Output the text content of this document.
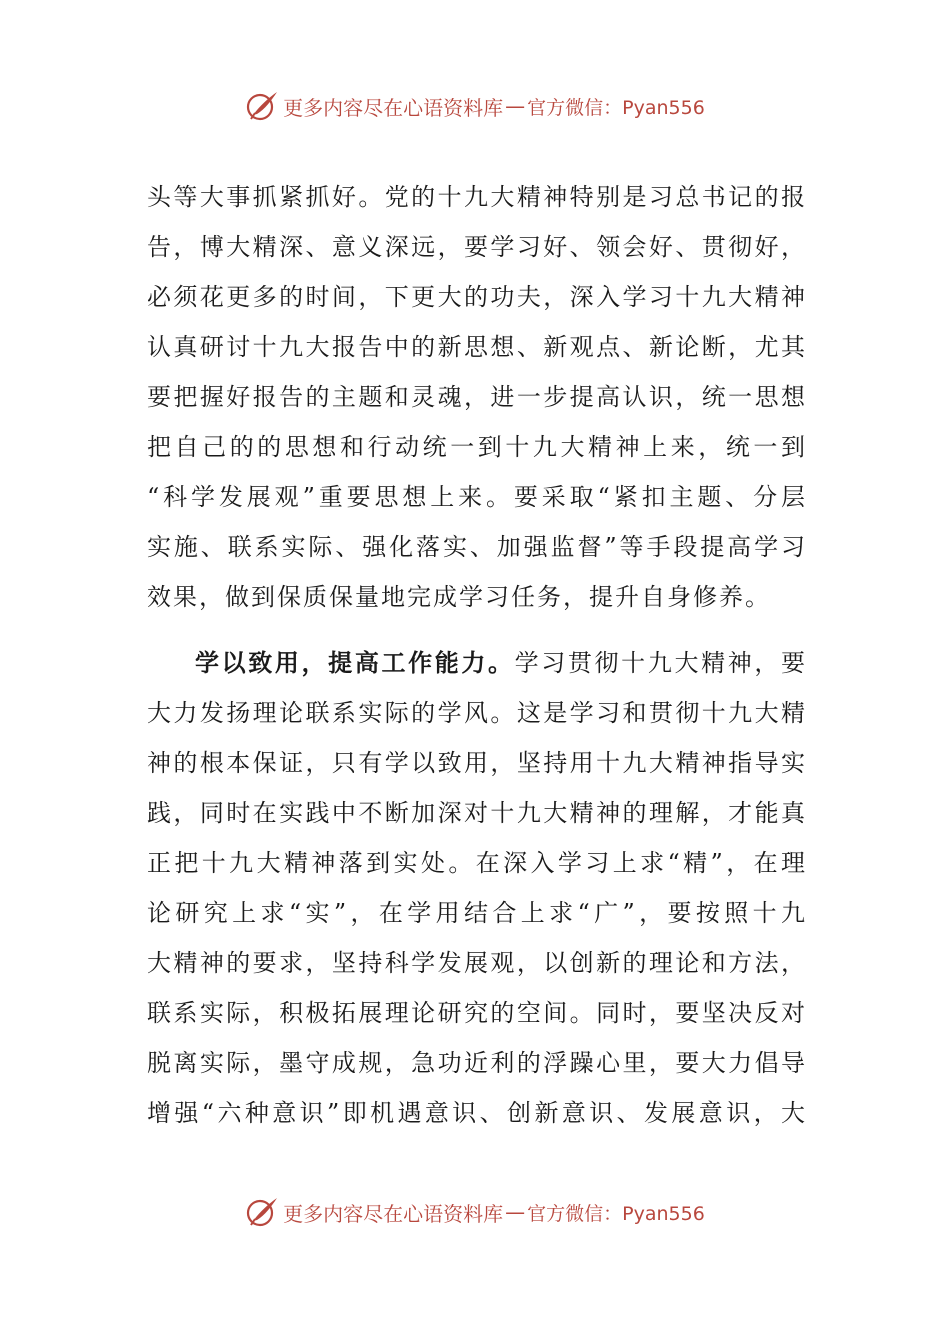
更多内容尽在心语资料库 — 官方微信：Pyan556
头等大事抓紧抓好。党的十九大精神特别是习总书记的报
告，博大精深、意义深远，要学习好、领会好、贯彻好，
必须花更多的时间，下更大的功夫，深入学习十九大精神
认真研讨十九大报告中的新思想、新观点、新论断，尤其
要把握好报告的主题和灵魂，进一步提高认识，统一思想
把自己的的思想和行动统一到十九大精神上来，统一到
“科学发展观”重要思想上来。要采取“紧扣主题、分层
实施、联系实际、强化落实、加强监督”等手段提高学习
效果，做到保质保量地完成学习任务，提升自身修养。
学以致用，提高工作能力。学习贯彻十九大精神，要
大力发扬理论联系实际的学风。这是学习和贯彻十九大精
神的根本保证，只有学以致用，坚持用十九大精神指导实
践，同时在实践中不断加深对十九大精神的理解，才能真
正把十九大精神落到实处。在深入学习上求“精”，在理
论研究上求“实”，在学用结合上求“广”，要按照十九
大精神的要求，坚持科学发展观，以创新的理论和方法，
联系实际，积极拓展理论研究的空间。同时，要坚决反对
脱离实际，墨守成规，急功近利的浮躁心里，要大力倡导
增强“六种意识”即机遇意识、创新意识、发展意识，大
更多内容尽在心语资料库 — 官方微信：Pyan556
